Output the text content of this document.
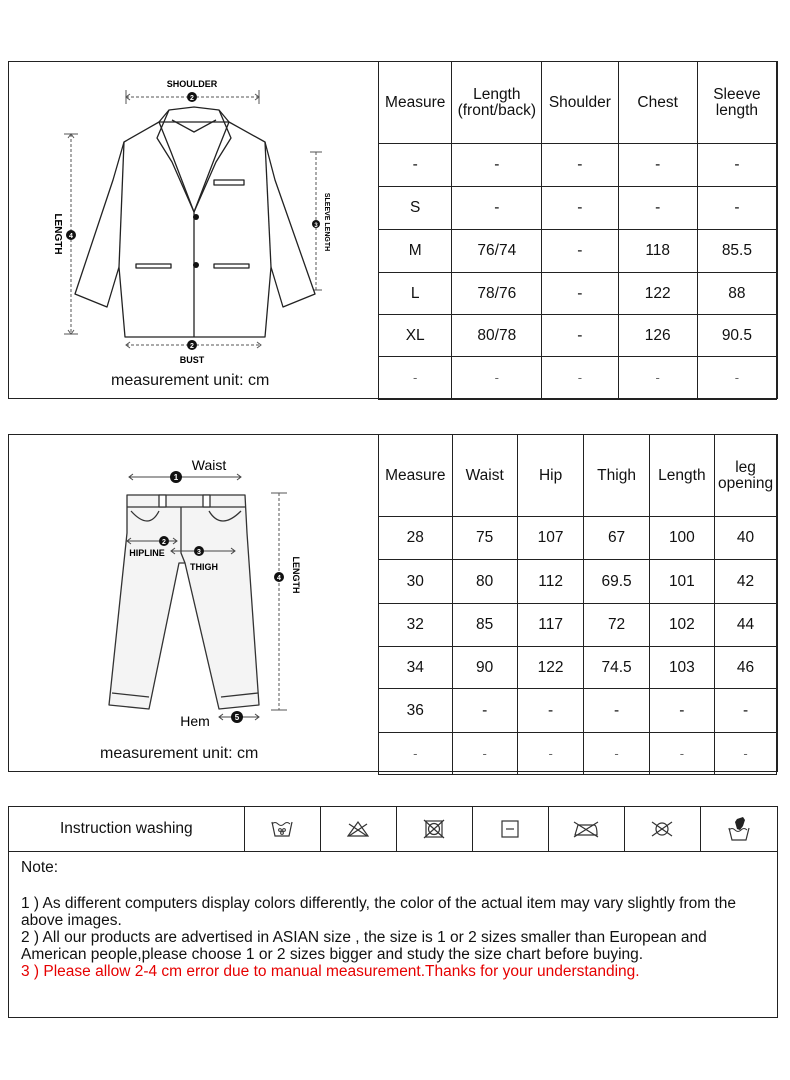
SHOULDER
2
LENGTH 4	SLEEVE LENGTH
3
2
BUST
measurement unit: cm
Measure	Length (front/back)	Shoulder	Chest	Sleeve length
-	-	-	-	-
S	-	-	-	-
M	76/74	-	118	85.5
L	78/76	-	122	88
XL	80/78	-	126	90.5
-	-	-	-	-
1
Waist
2
HIPLINE	3
THIGH
4 LENGTH
5
Hem
measurement unit: cm
Measure	Waist	Hip	Thigh	Length	leg opening
28	75	107	67	100	40
30	80	112	69.5	101	42
32	85	117	72	102	44
34	90	122	74.5	103	46
36	-	-	-	-	-
-	-	-	-	-	-
Instruction washing

Note:

1 ) As different computers display colors differently, the color of the actual item may vary slightly from the above images.

2 ) All our products are advertised in ASIAN size , the size is 1 or 2 sizes smaller than European and American people,please choose 1 or 2 sizes bigger and study the size chart before buying.

3 ) Please allow 2-4 cm error due to manual measurement.Thanks for your understanding.
